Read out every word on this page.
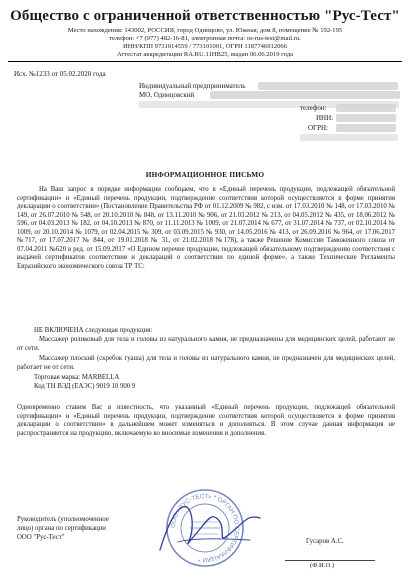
Общество с ограниченной ответственностью "Рус-Тест"
Место нахождения: 143002, РОССИЯ, город Одинцово, ул. Южная, дом 8, помещение № 192-195
телефон: +7 (977) 482-16-81, электронная почта: os-rus-test@mail.ru.
ИНН/КПП 9731014559 / 773101001, ОГРН 1187746912066
Аттестат аккредитации RA.RU.11HB25, выдан 06.06.2019 года
Исх. №1233 от 05.02.2020 года
Индивидуальный предприниматель
МО, Одинцовский
телефон:
ИНН:
ОГРН:
ИНФОРМАЦИОННОЕ ПИСЬМО
На Ваш запрос в порядке информации сообщаем, что в «Единый перечень продукции, подлежащей обязательной сертификации» и «Единый перечень продукции, подтверждение соответствия которой осуществляется в форме принятия декларации о соответствии» (Постановление Правительства РФ от 01.12.2009 № 982, с изм. от 17.03.2010 № 148, от 17.03.2010 № 149, от 26.07.2010 № 548, от 20.10.2010 № 848, от 13.11.2010 № 906, от 21.03.2012 № 213, от 04.05.2012 № 435, от 18.06.2012 № 596, от 04.03.2013 № 182, от 04.10.2013 № 870, от 11.11.2013 № 1009, от 21.07.2014 № 677, от 31.07.2014 № 737, от 02.10.2014 № 1009, от 20.10.2014 № 1079, от 02.04.2015 № 309, от 03.09.2015 № 930, от 14.05.2016 № 413, от 26.09.2016 № 964, от 17.06.2017 №717, от 17.07.2017 № 844, от 19.01.2018 № 31, от 21.02.2018 №178), а также Решение Комиссии Таможенного союза от 07.04.2011 №620 в ред. от 15.09.2017 «О Едином перечне продукции, подлежащей обязательному подтверждению соответствия с выдачей сертификатов соответствия и деклараций о соответствии по единой форме», а также Технические Регламенты Евразийского экономического союза ТР ТС:
НЕ ВКЛЮЧЕНА следующая продукция:
Массажер роликовый для тела и головы из натурального камня, не предназначены для медицинских целей, работают не от сети.
Массажер плоский (скребок гуаша) для тела и головы из натурального камня, не предназначен для медицинских целей, работает не от сети.
Торговая марка: MARBELLA
Код ТН ВЭД (ЕАЭС) 9019 10 900 9
Одновременно ставим Вас в известность, что указанный «Единый перечень продукции, подлежащей обязательной сертификации» и «Единый перечень продукции, подтверждение соответствия которой осуществляется в форме принятия декларации о соответствии» в дальнейшем может изменяться и дополняться. В этом случае данная информация не распространяется на продукцию, включаемую во вносимые изменения и дополнения.
Руководитель (уполномоченное
лицо) органа по сертификации
ООО "Рус-Тест"
ООО «РУС-ТЕСТ» * ОРГАН ПО СЕРТИФИКАЦИИ *
Гусаров А.С.
(Ф.И.О.)
